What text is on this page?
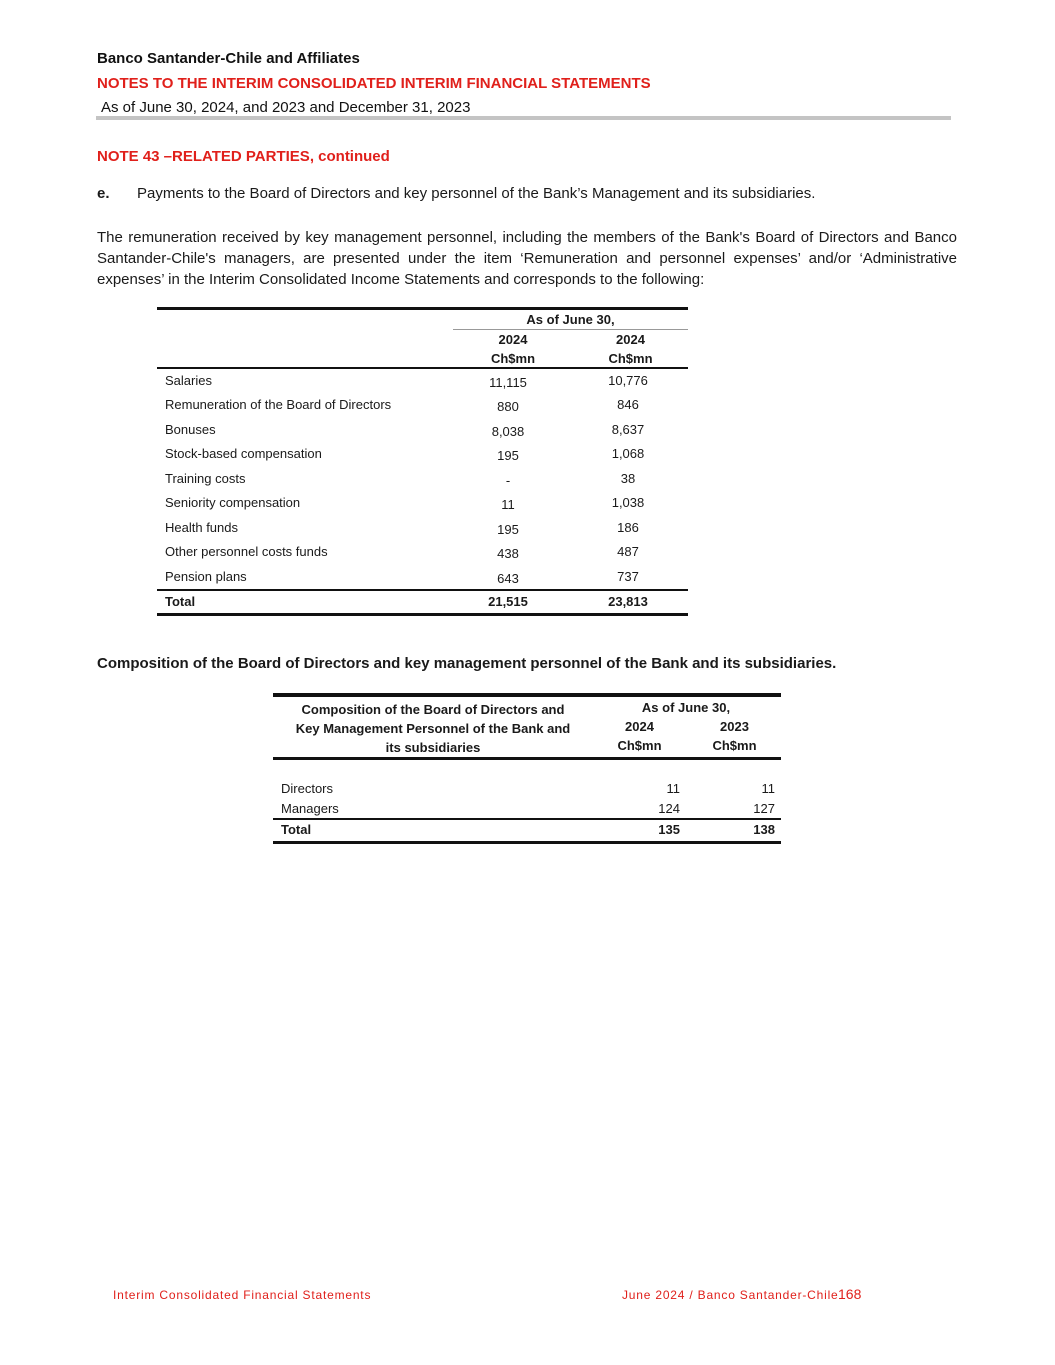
Banco Santander-Chile and Affiliates
NOTES TO THE INTERIM CONSOLIDATED INTERIM FINANCIAL STATEMENTS
As of June 30, 2024, and 2023 and December 31, 2023
NOTE 43 –RELATED PARTIES, continued
e. Payments to the Board of Directors and key personnel of the Bank’s Management and its subsidiaries.
The remuneration received by key management personnel, including the members of the Bank's Board of Directors and Banco Santander-Chile's managers, are presented under the item ‘Remuneration and personnel expenses’ and/or ‘Administrative expenses’ in the Interim Consolidated Income Statements and corresponds to the following:
As of June 30,
2024	2024
Ch$mn	Ch$mn
Salaries	11,115	10,776
Remuneration of the Board of Directors	880	846
Bonuses	8,038	8,637
Stock-based compensation	195	1,068
Training costs	-	38
Seniority compensation	11	1,038
Health funds	195	186
Other personnel costs funds	438	487
Pension plans	643	737
Total	21,515	23,813
Composition of the Board of Directors and key management personnel of the Bank and its subsidiaries.
Composition of the Board of Directors and
Key Management Personnel of the Bank and
its subsidiaries
As of June 30,
2024	2023
Ch$mn	Ch$mn
Directors	11	11
Managers	124	127
Total	135	138
Interim Consolidated Financial Statements	June 2024 / Banco Santander-Chile 168
